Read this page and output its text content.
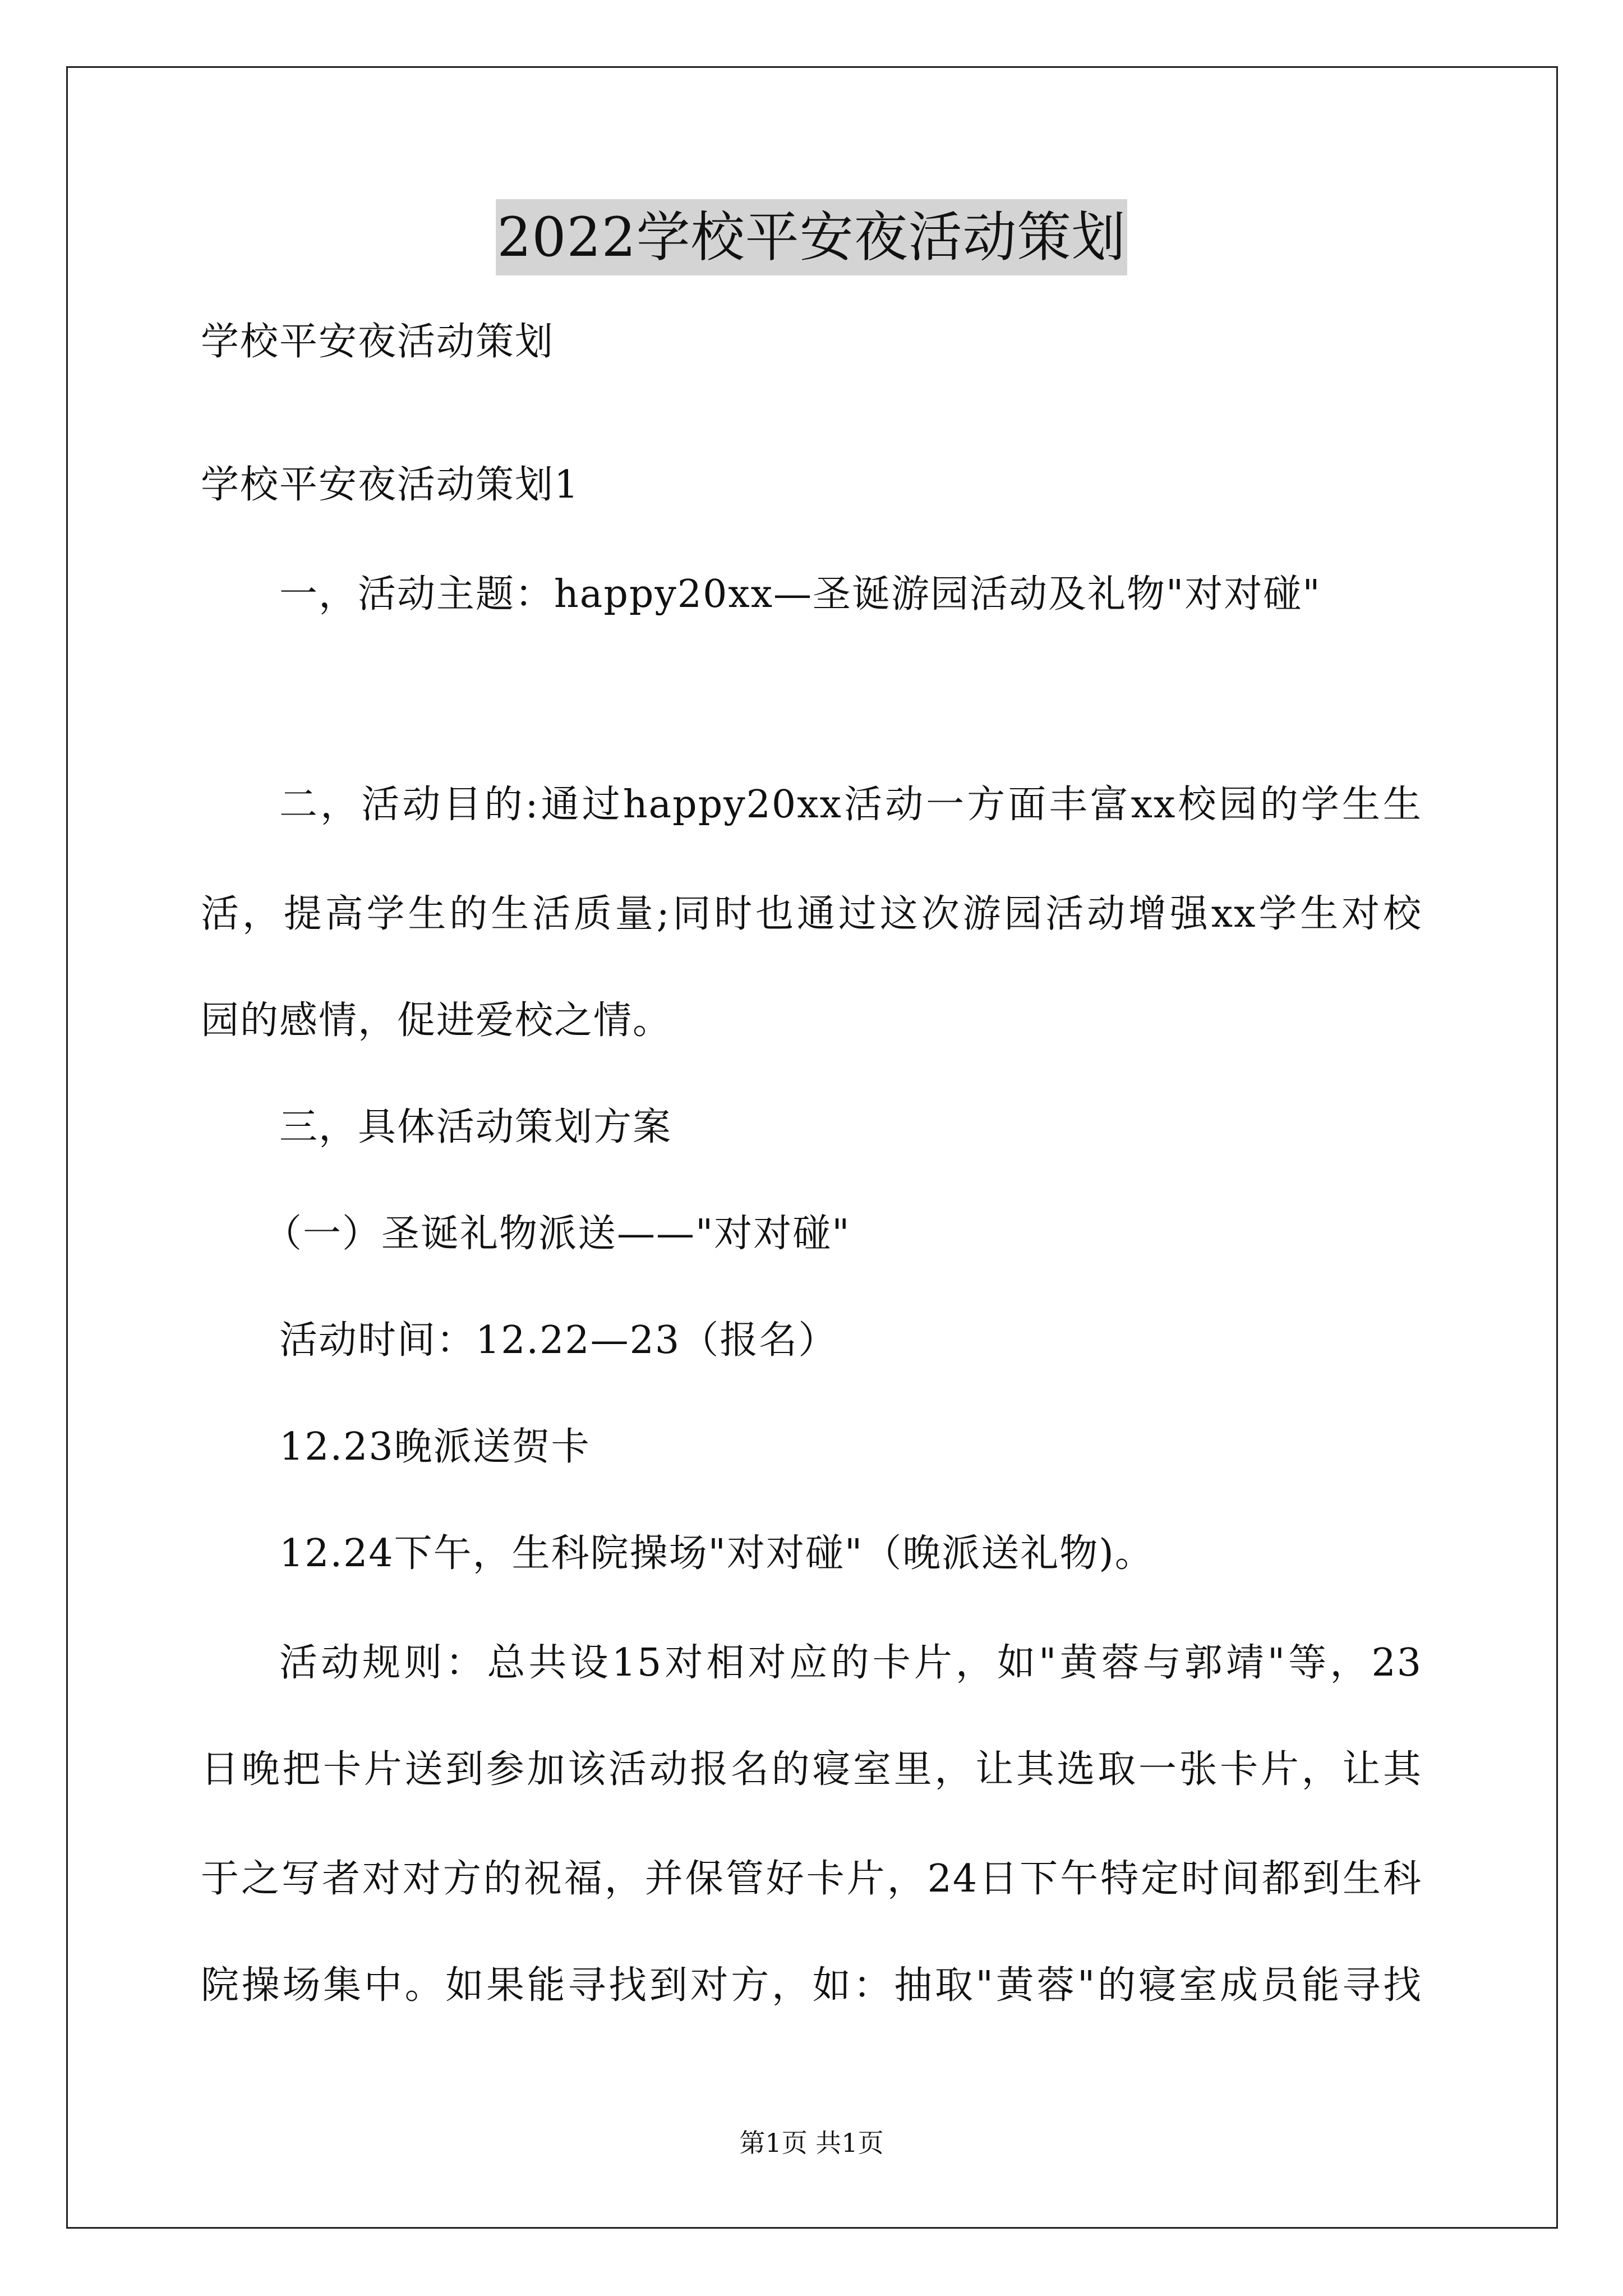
2022学校平安夜活动策划
学校平安夜活动策划
学校平安夜活动策划1
一，活动主题：happy20xx—圣诞游园活动及礼物"对对碰"
二，活动目的:通过happy20xx活动一方面丰富xx校园的学生生
活，提高学生的生活质量;同时也通过这次游园活动增强xx学生对校
园的感情，促进爱校之情。
三，具体活动策划方案
（一）圣诞礼物派送——"对对碰"
活动时间：12.22—23（报名）
12.23晚派送贺卡
12.24下午，生科院操场"对对碰"（晚派送礼物)。
活动规则：总共设15对相对应的卡片，如"黄蓉与郭靖"等，23
日晚把卡片送到参加该活动报名的寝室里，让其选取一张卡片，让其
于之写者对对方的祝福，并保管好卡片，24日下午特定时间都到生科
院操场集中。如果能寻找到对方，如：抽取"黄蓉"的寝室成员能寻找
第1页 共1页
